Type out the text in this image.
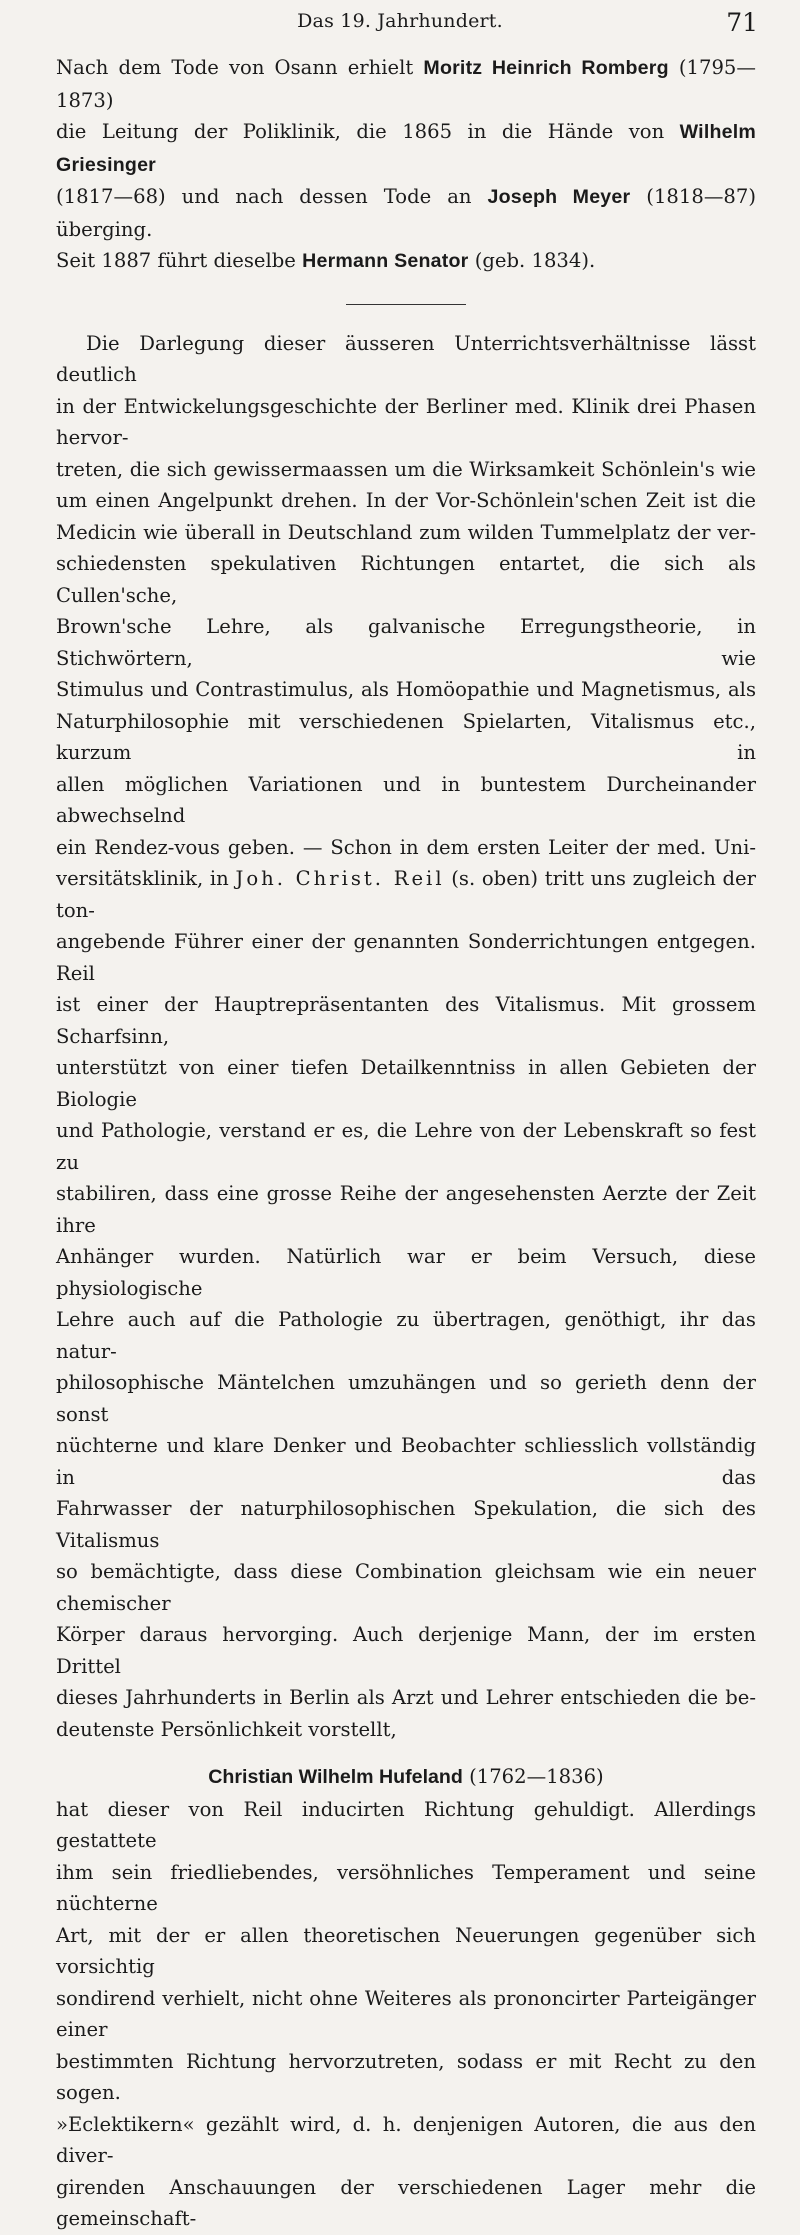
Das 19. Jahrhundert.	71
Nach dem Tode von Osann erhielt Moritz Heinrich Romberg (1795—1873)
die Leitung der Poliklinik, die 1865 in die Hände von Wilhelm Griesinger
(1817—68) und nach dessen Tode an Joseph Meyer (1818—87) überging.
Seit 1887 führt dieselbe Hermann Senator (geb. 1834).
Die Darlegung dieser äusseren Unterrichtsverhältnisse lässt deutlich
in der Entwickelungsgeschichte der Berliner med. Klinik drei Phasen hervor-
treten, die sich gewissermaassen um die Wirksamkeit Schönlein's wie
um einen Angelpunkt drehen. In der Vor-Schönlein'schen Zeit ist die
Medicin wie überall in Deutschland zum wilden Tummelplatz der ver-
schiedensten spekulativen Richtungen entartet, die sich als Cullen'sche,
Brown'sche Lehre, als galvanische Erregungstheorie, in Stichwörtern, wie
Stimulus und Contrastimulus, als Homöopathie und Magnetismus, als
Naturphilosophie mit verschiedenen Spielarten, Vitalismus etc., kurzum in
allen möglichen Variationen und in buntestem Durcheinander abwechselnd
ein Rendez-vous geben. — Schon in dem ersten Leiter der med. Uni-
versitätsklinik, in Joh. Christ. Reil (s. oben) tritt uns zugleich der ton-
angebende Führer einer der genannten Sonderrichtungen entgegen. Reil
ist einer der Hauptrepräsentanten des Vitalismus. Mit grossem Scharfsinn,
unterstützt von einer tiefen Detailkenntniss in allen Gebieten der Biologie
und Pathologie, verstand er es, die Lehre von der Lebenskraft so fest zu
stabiliren, dass eine grosse Reihe der angesehensten Aerzte der Zeit ihre
Anhänger wurden. Natürlich war er beim Versuch, diese physiologische
Lehre auch auf die Pathologie zu übertragen, genöthigt, ihr das natur-
philosophische Mäntelchen umzuhängen und so gerieth denn der sonst
nüchterne und klare Denker und Beobachter schliesslich vollständig in das
Fahrwasser der naturphilosophischen Spekulation, die sich des Vitalismus
so bemächtigte, dass diese Combination gleichsam wie ein neuer chemischer
Körper daraus hervorging. Auch derjenige Mann, der im ersten Drittel
dieses Jahrhunderts in Berlin als Arzt und Lehrer entschieden die be-
deutenste Persönlichkeit vorstellt,
Christian Wilhelm Hufeland (1762—1836)
hat dieser von Reil inducirten Richtung gehuldigt. Allerdings gestattete
ihm sein friedliebendes, versöhnliches Temperament und seine nüchterne
Art, mit der er allen theoretischen Neuerungen gegenüber sich vorsichtig
sondirend verhielt, nicht ohne Weiteres als prononcirter Parteigänger einer
bestimmten Richtung hervorzutreten, sodass er mit Recht zu den sogen.
»Eclektikern« gezählt wird, d. h. denjenigen Autoren, die aus den diver-
girenden Anschauungen der verschiedenen Lager mehr die gemeinschaft-
